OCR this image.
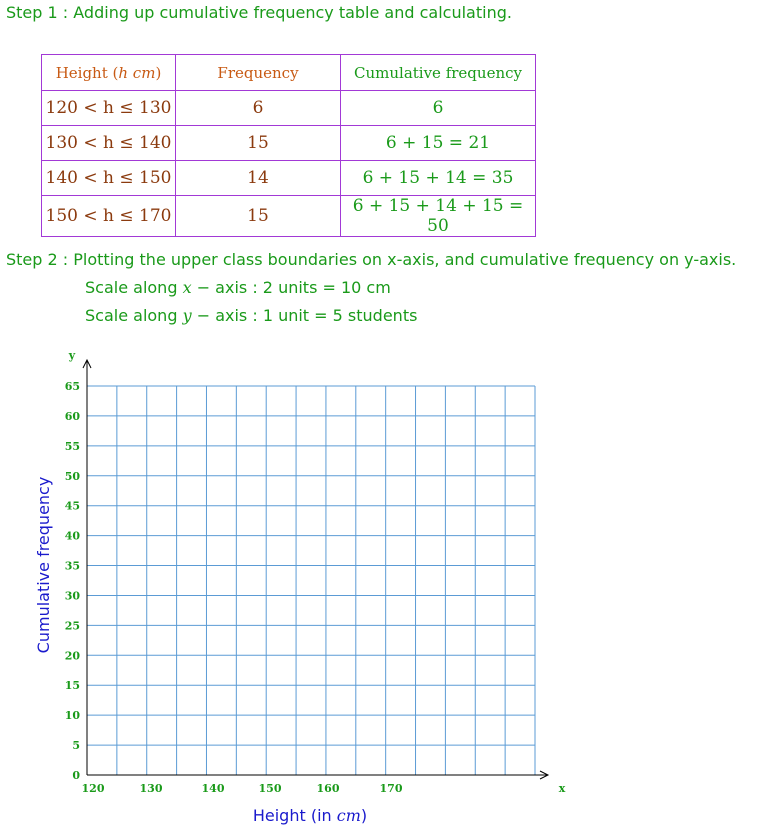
Step 1 : Adding up cumulative frequency table and calculating.
Height (h cm)	Frequency	Cumulative frequency
120 < h ≤ 130	6	6
130 < h ≤ 140	15	6 + 15 = 21
140 < h ≤ 150	14	6 + 15 + 14 = 35
150 < h ≤ 170	15	6 + 15 + 14 + 15 = 50
Step 2 : Plotting the upper class boundaries on x-axis, and cumulative frequency on y-axis.
Scale along x − axis : 2 units = 10 cm
Scale along y − axis : 1 unit = 5 students
0
5
10
15
20
25
30
35
40
45
50
55
60
65
120	130	140	150	160	170
y
x
Height (in cm)
Cumulative frequency
